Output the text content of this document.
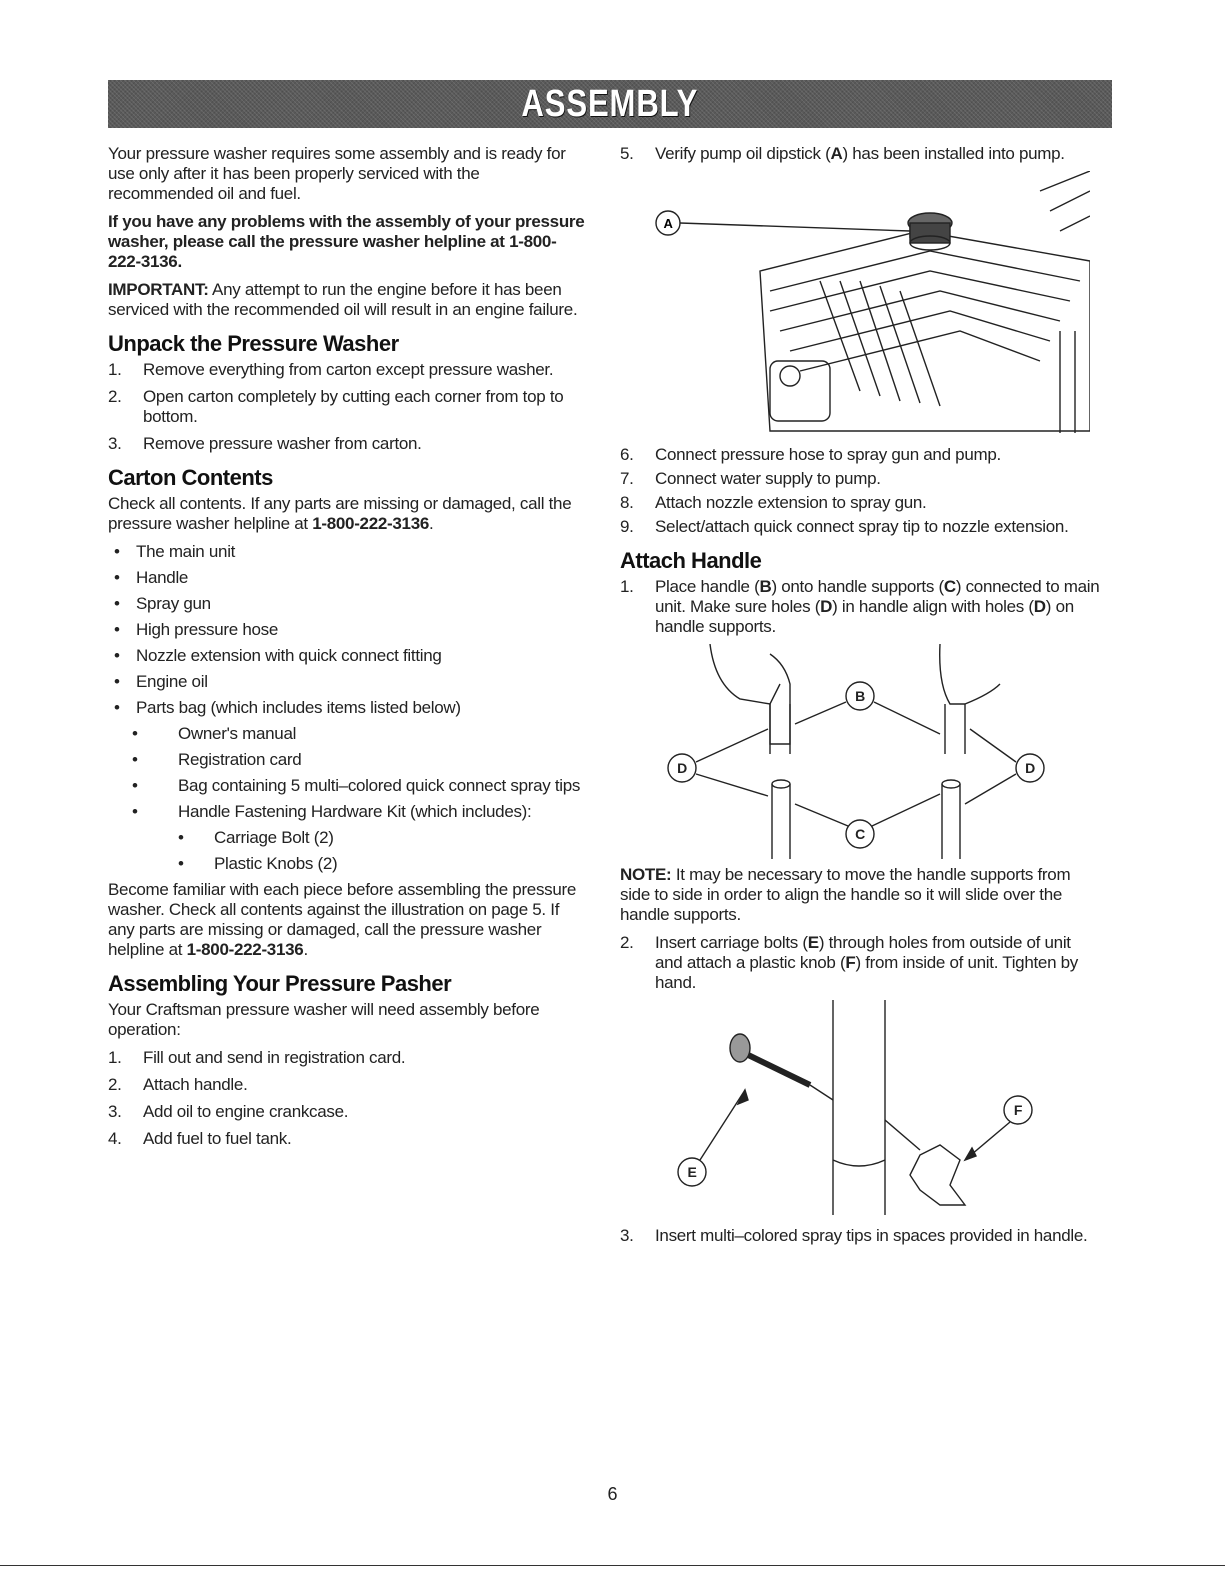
ASSEMBLY

Your pressure washer requires some assembly and is ready for use only after it has been properly serviced with the recommended oil and fuel.

If you have any problems with the assembly of your pressure washer, please call the pressure washer helpline at 1-800-222-3136.

IMPORTANT: Any attempt to run the engine before it has been serviced with the recommended oil will result in an engine failure.

Unpack the Pressure Washer
1. Remove everything from carton except pressure washer.
2. Open carton completely by cutting each corner from top to bottom.
3. Remove pressure washer from carton.
Carton Contents

Check all contents. If any parts are missing or damaged, call the pressure washer helpline at 1-800-222-3136.

• The main unit
• Handle
• Spray gun
• High pressure hose
• Nozzle extension with quick connect fitting
• Engine oil
• Parts bag (which includes items listed below)
• Owner's manual
• Registration card
• Bag containing 5 multi–colored quick connect spray tips
• Handle Fastening Hardware Kit (which includes):
• Carriage Bolt (2)
• Plastic Knobs (2)

Become familiar with each piece before assembling the pressure washer. Check all contents against the illustration on page 5. If any parts are missing or damaged, call the pressure washer helpline at 1-800-222-3136.

Assembling Your Pressure Pasher

Your Craftsman pressure washer will need assembly before operation:

1. Fill out and send in registration card.
2. Attach handle.
3. Add oil to engine crankcase.
4. Add fuel to fuel tank.
5. Verify pump oil dipstick (A) has been installed into pump.
A
6. Connect pressure hose to spray gun and pump.
7. Connect water supply to pump.
8. Attach nozzle extension to spray gun.
9. Select/attach quick connect spray tip to nozzle extension.
Attach Handle
1. Place handle (B) onto handle supports (C) connected to main unit. Make sure holes (D) in handle align with holes (D) on handle supports.
B
D	D
C

NOTE: It may be necessary to move the handle supports from side to side in order to align the handle so it will slide over the handle supports.

2. Insert carriage bolts (E) through holes from outside of unit and attach a plastic knob (F) from inside of unit. Tighten by hand.
E
F
3. Insert multi–colored spray tips in spaces provided in handle.
6
